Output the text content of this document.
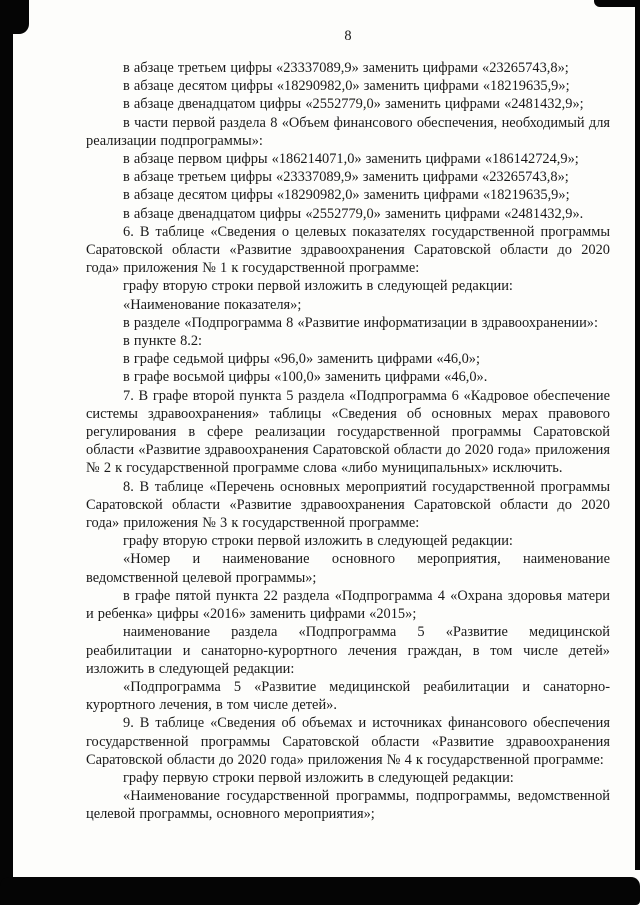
8

в абзаце третьем цифры «23337089,9» заменить цифрами «23265743,8»;

в абзаце десятом цифры «18290982,0» заменить цифрами «18219635,9»;

в абзаце двенадцатом цифры «2552779,0» заменить цифрами «2481432,9»;

в части первой раздела 8 «Объем финансового обеспечения, необходимый для реализации подпрограммы»:

в абзаце первом цифры «186214071,0» заменить цифрами «186142724,9»;

в абзаце третьем цифры «23337089,9» заменить цифрами «23265743,8»;

в абзаце десятом цифры «18290982,0» заменить цифрами «18219635,9»;

в абзаце двенадцатом цифры «2552779,0» заменить цифрами «2481432,9».

6. В таблице «Сведения о целевых показателях государственной программы Саратовской области «Развитие здравоохранения Саратовской области до 2020 года» приложения № 1 к государственной программе:

графу вторую строки первой изложить в следующей редакции:

«Наименование показателя»;

в разделе «Подпрограмма 8 «Развитие информатизации в здравоохранении»:

в пункте 8.2:

в графе седьмой цифры «96,0» заменить цифрами «46,0»;

в графе восьмой цифры «100,0» заменить цифрами «46,0».

7. В графе второй пункта 5 раздела «Подпрограмма 6 «Кадровое обеспечение системы здравоохранения» таблицы «Сведения об основных мерах правового регулирования в сфере реализации государственной программы Саратовской области «Развитие здравоохранения Саратовской области до 2020 года» приложения № 2 к государственной программе слова «либо муниципальных» исключить.

8. В таблице «Перечень основных мероприятий государственной программы Саратовской области «Развитие здравоохранения Саратовской области до 2020 года» приложения № 3 к государственной программе:

графу вторую строки первой изложить в следующей редакции:

«Номер и наименование основного мероприятия, наименование ведомственной целевой программы»;

в графе пятой пункта 22 раздела «Подпрограмма 4 «Охрана здоровья матери и ребенка» цифры «2016» заменить цифрами «2015»;

наименование раздела «Подпрограмма 5 «Развитие медицинской реабилитации и санаторно-курортного лечения граждан, в том числе детей» изложить в следующей редакции:

«Подпрограмма 5 «Развитие медицинской реабилитации и санаторно-курортного лечения, в том числе детей».

9. В таблице «Сведения об объемах и источниках финансового обеспечения государственной программы Саратовской области «Развитие здравоохранения Саратовской области до 2020 года» приложения № 4 к государственной программе:

графу первую строки первой изложить в следующей редакции:

«Наименование государственной программы, подпрограммы, ведомственной целевой программы, основного мероприятия»;
